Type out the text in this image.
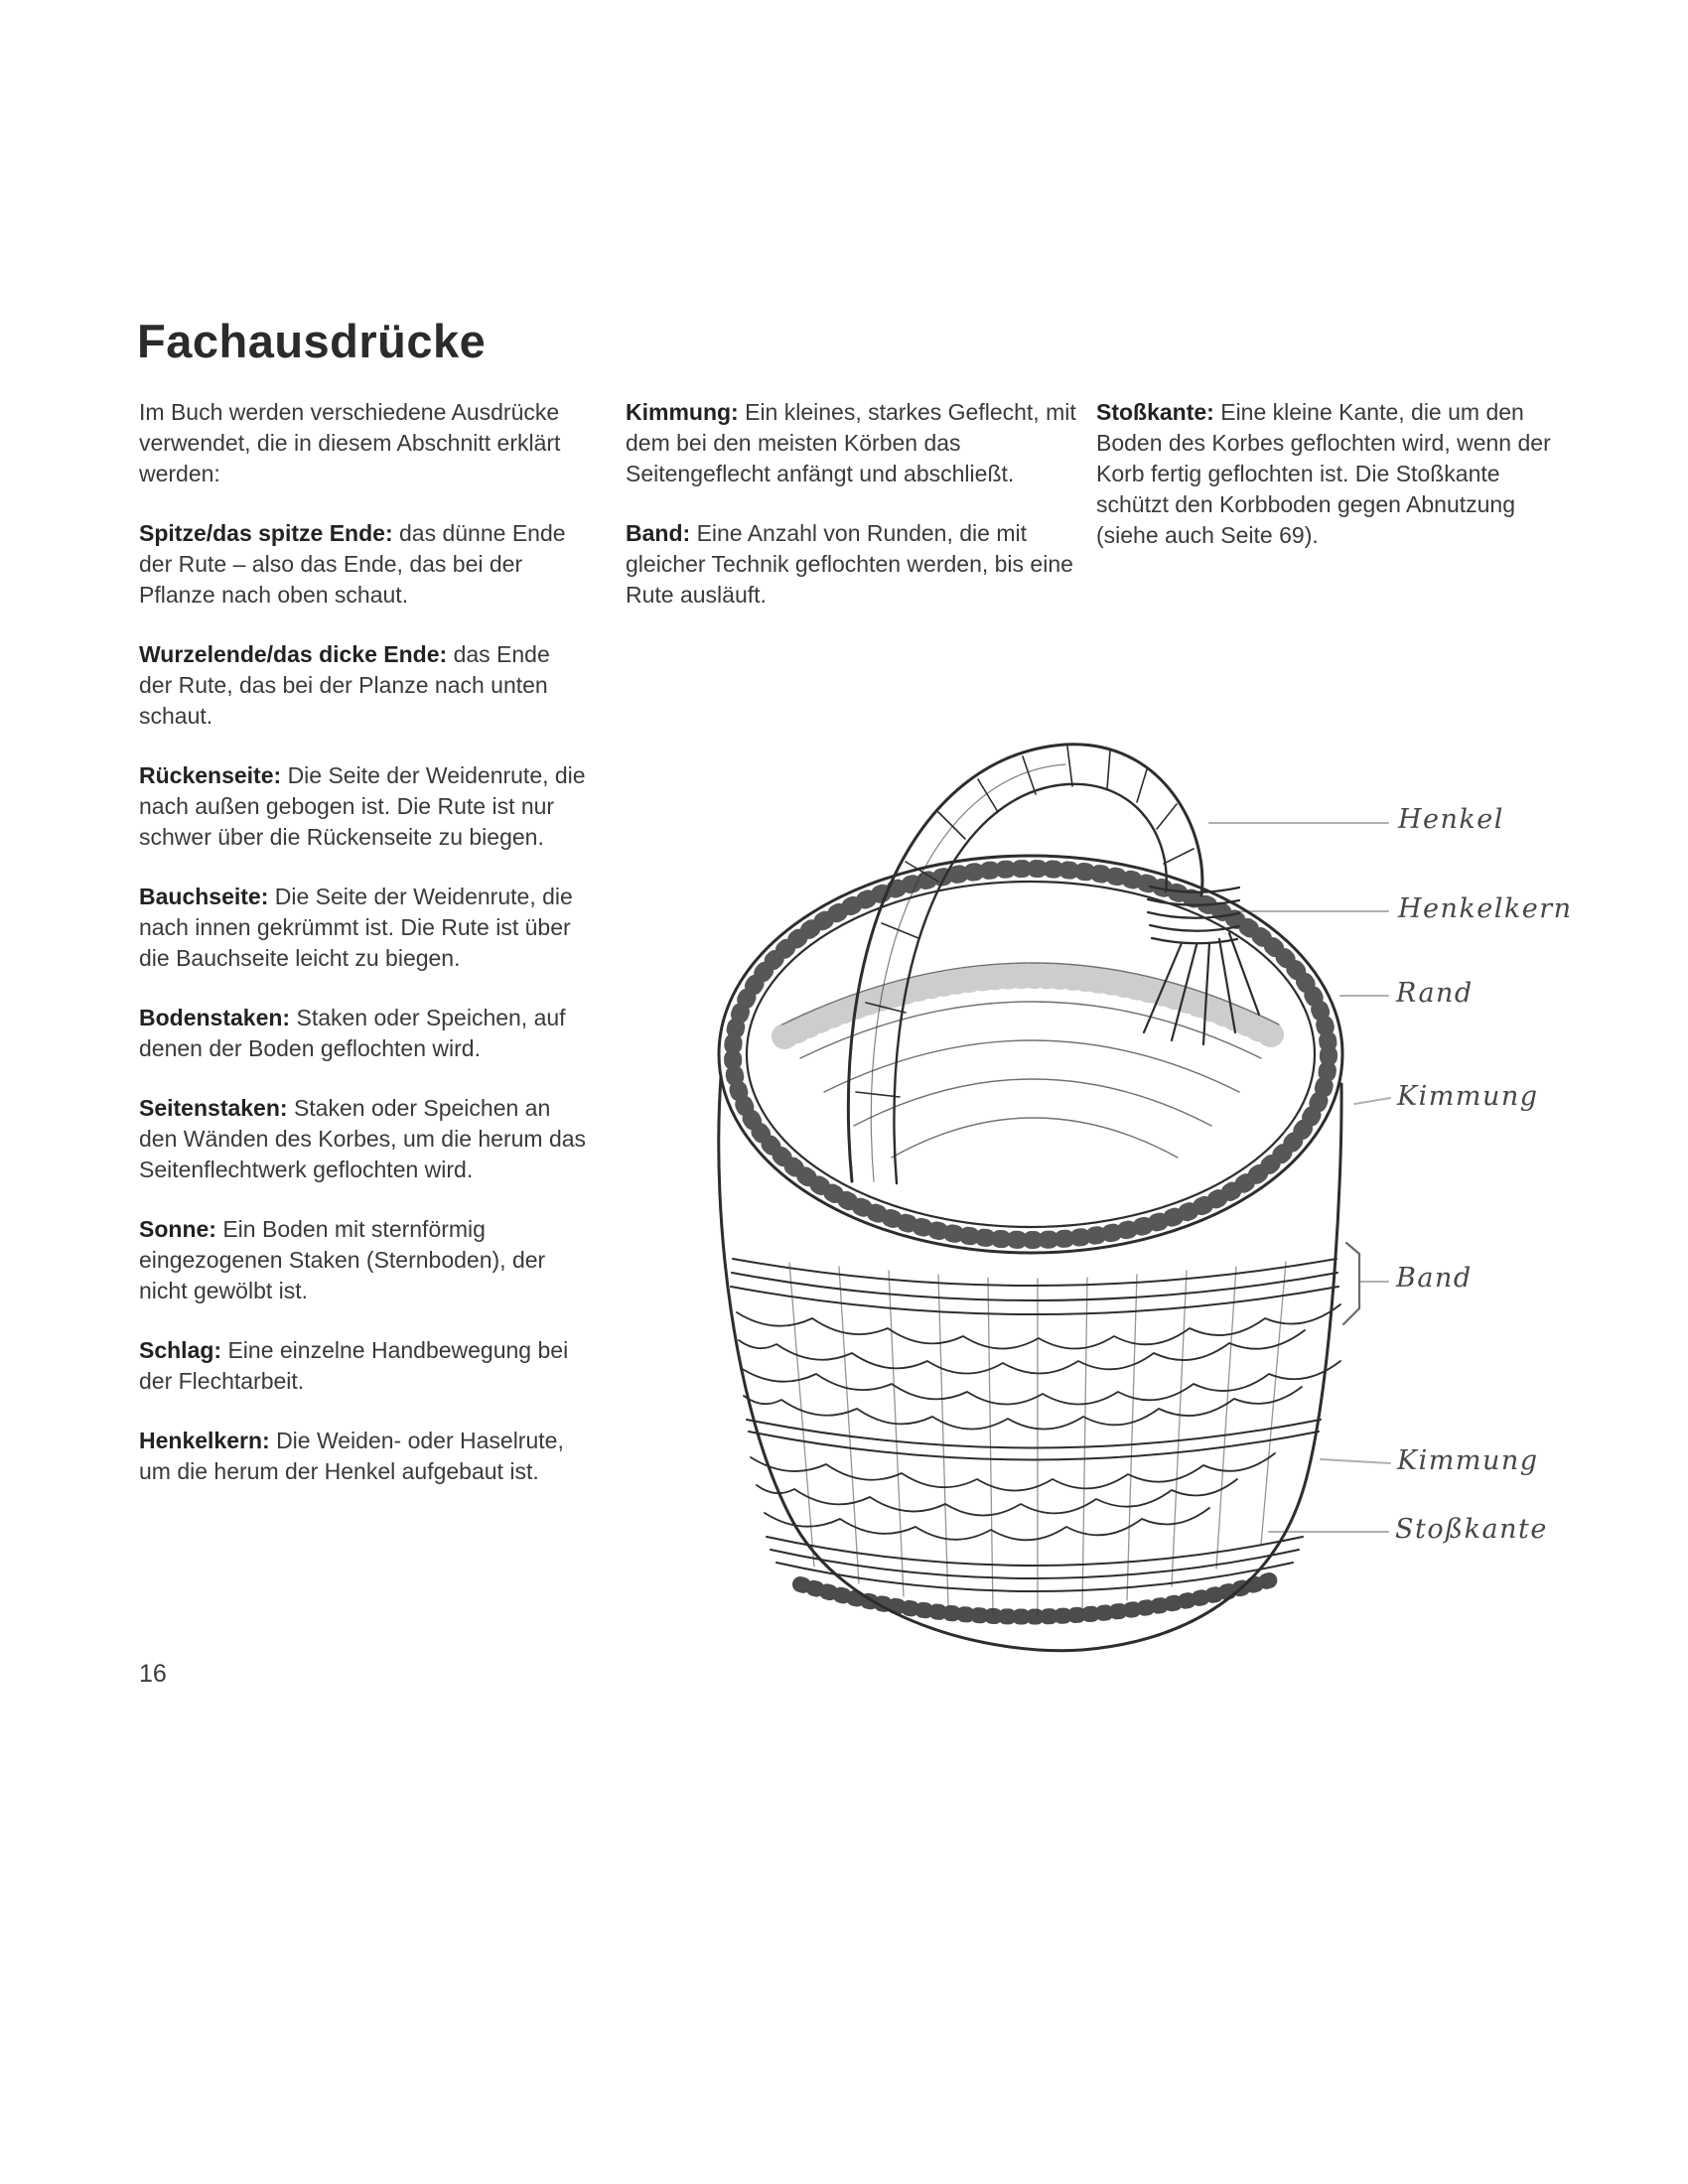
Fachausdrücke

Im Buch werden verschiedene Ausdrücke verwendet, die in diesem Abschnitt erklärt werden:

Spitze/das spitze Ende: das dünne Ende der Rute – also das Ende, das bei der Pflanze nach oben schaut.

Wurzelende/das dicke Ende: das Ende der Rute, das bei der Planze nach unten schaut.

Rückenseite: Die Seite der Weidenrute, die nach außen gebogen ist. Die Rute ist nur schwer über die Rückenseite zu biegen.

Bauchseite: Die Seite der Weidenrute, die nach innen gekrümmt ist. Die Rute ist über die Bauchseite leicht zu biegen.

Bodenstaken: Staken oder Speichen, auf denen der Boden geflochten wird.

Seitenstaken: Staken oder Speichen an den Wänden des Korbes, um die herum das Seitenflechtwerk geflochten wird.

Sonne: Ein Boden mit sternförmig eingezogenen Staken (Sternboden), der nicht gewölbt ist.

Schlag: Eine einzelne Handbewegung bei der Flechtarbeit.

Henkelkern: Die Weiden- oder Haselrute, um die herum der Henkel aufgebaut ist.

Kimmung: Ein kleines, starkes Geflecht, mit dem bei den meisten Körben das Seitengeflecht anfängt und abschließt.

Band: Eine Anzahl von Runden, die mit gleicher Technik geflochten werden, bis eine Rute ausläuft.

Stoßkante: Eine kleine Kante, die um den Boden des Korbes geflochten wird, wenn der Korb fertig geflochten ist. Die Stoßkante schützt den Korbboden gegen Abnutzung (siehe auch Seite 69).

Henkel
Henkelkern
Rand
Kimmung
Band
Kimmung
Stoßkante
16
